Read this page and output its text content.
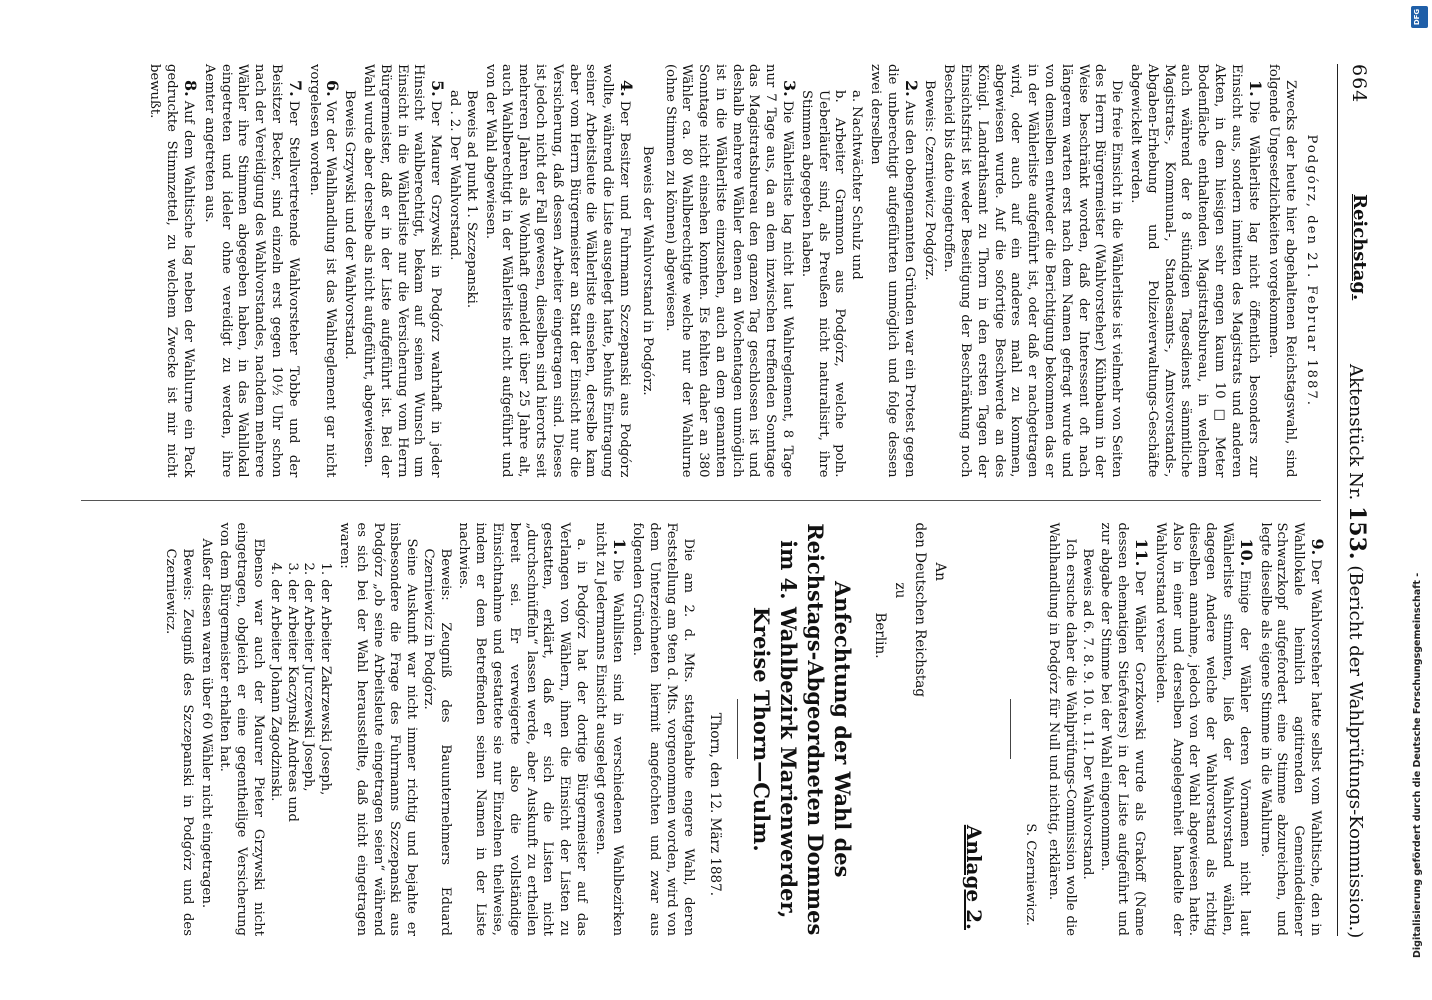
664
Reichstag.
Aktenstück Nr. 153. (Bericht der Wahlprüfungs-Kommission.)

Podgórz, den 21. Februar 1887.

Zwecks der heute hier abgehaltenen Reichstagswahl, sind folgende Ungesetzlichkeiten vorgekommen.

1.Die Wählerliste lag nicht öffentlich besonders zur Einsicht aus, sondern inmitten des Magistrats und anderen Akten, in dem hiesigen sehr engen kaum 10 □ Meter Bodenfläche enthaltenden Magistratsbureau, in welchem auch während der 8 stündigen Tagesdienst sämmtliche Magistrats-, Kommunal-, Standesamts-, Amtsvorstands-, Abgaben-Erhebung und Polizeiverwaltungs-Geschäfte abgewickelt werden.

Die freie Einsicht in die Wählerliste ist vielmehr von Seiten des Herrn Bürgermeister (Wahlvorsteher) Kühnbaum in der Weise beschränkt worden, daß der Interessent oft nach längerem warten erst nach dem Namen gefragt wurde und von demselben entweder die Berichtigung bekommen das er in der Wählerliste aufgeführt ist, oder daß er nachgetragen wird, oder auch auf ein anderes mahl zu kommen, abgewiesen wurde. Auf die sofortige Beschwerde an des Königl. Landrathsamt zu Thorn in den ersten Tagen der Einsichtsfrist ist weder Beseitigung der Beschränkung noch Bescheid bis dato eingetroffen.

Beweis: Czerniewicz Podgórz.

2.Aus den obengenannten Gründen war ein Protest gegen die unberechtigt aufgeführten unmöglich und folge dessen zwei derselben

a. Nachtwächter Schulz und

b. Arbeiter Grammon aus Podgórz, welche poln. Ueberläufer sind, als Preußen nicht naturalisirt, ihre Stimmen abgegeben haben.

3.Die Wählerliste lag nicht laut Wahlreglement, 8 Tage nur 7 Tage aus, da an dem inzwischen treffenden Sonntage das Magistratsbureau den ganzen Tag geschlossen ist und deshalb mehrere Wähler denen an Wochentagen unmöglich ist in die Wählerliste einzusehen, auch an dem genannten Sonntage nicht einsehen konnten. Es fehlten daher an 380 Wähler ca. 80 Wahlberechtigte welche nur der Wahlurne (ohne Stimmen zu können) abgewiesen.

Beweis der Wahlvorstand in Podgórz.

4.Der Besitzer und Fuhrmann Szczepanski aus Podgórz wollte, während die Liste ausgelegt hatte, behufs Eintragung seiner Arbeitsleute die Wählerliste einsehen, derselbe kam aber vom Herrn Bürgermeister an Statt der Einsicht nur die Versicherung, daß dessen Arbeiter eingetragen sind. Dieses ist jedoch nicht der Fall gewesen, dieselben sind hierorts seit mehreren Jahren als Wohnhaft gemeldet über 25 Jahre alt, auch Wahlberechtigt in der Wählerliste nicht aufgeführt und von der Wahl abgewiesen.

Beweis ad punkt 1. Szczepanski.

ad . 2. Der Wahlvorstand.

5.Der Maurer Grzywski in Podgórz wahrhaft in jeder Hinsicht wahlberechtigt, bekam auf seinen Wunsch um Einsicht in die Wählerliste nur die Versicherung vom Herrn Bürgermeister, daß er in der Liste aufgeführt ist. Bei der Wahl wurde aber derselbe als nicht aufgeführt, abgewiesen.

Beweis Grzywski und der Wahlvorstand.

6.Vor der Wahlhandlung ist das Wahlreglement gar nicht vorgelesen worden.

7.Der Stellvertretende Wahlvorsteher Tobbe und der Beisitzer Becker, sind einzeln erst gegen 10½ Uhr schon nach der Vereidigung des Wahlvorstandes, nachdem mehrere Wähler ihre Stimmen abgegeben haben, in das Wahllokal eingetreten und ideler ohne vereidigt zu werden, ihre Aemter angetreten aus.

8.Auf dem Wahltische lag neben der Wahlurne ein Pack gedruckte Stimmzettel, zu welchem Zwecke ist mir nicht bewußt.

9.Der Wahlvorsteher hatte selbst vom Wahltische, den in Wahllokale heimlich agitirenden Gemeindediener Schwarzkopf aufgefordert eine Stimme abzureichen, und legte dieselbe als eigene Stimme in die Wahlurne.

10.Einige der Wähler deren Vornamen nicht laut Wählerliste stimmten, ließ der Wahlvorstand wählen, dagegen Andere welche der Wahlvorstand als richtig dieselben annahme, jedoch von der Wahl abgewiesen hatte. Also in einer und derselben Angelegenheit handelte der Wahlvorstand verschieden.

11.Der Wähler Gorzkowski wurde als Grakoff (Name dessen ehematigen Stiefvaters) in der Liste aufgeführt und zur abgabe der Stimme bei der Wahl eingenommen.

Beweis ad 6. 7. 8. 9. 10. u. 11. Der Wahlvorstand.

Ich ersuche daher die Wahlprüfungs-Commission wolle die Wahlhandlung in Podgórz für Null und nichtig, erklären.

S. Czerniewicz.

Anlage 2.
An
den Deutschen Reichstag
zu
Berlin.
Anfechtung der Wahl des Reichstags-Abgeordneten Dommes im 4. Wahlbezirk Marienwerder, Kreise Thorn—Culm.
Thorn, den 12. März 1887.

Die am 2. d. Mts. stattgehabte engere Wahl, deren Feststellung am 9ten d. Mts. vorgenommen worden, wird von dem Unterzeichneten hiermit angefochten und zwar aus folgenden Gründen.

1.Die Wahllisten sind in verschiedenen Wahlbezirken nicht zu Jedermanns Einsicht ausgelegt gewesen.

a. in Podgórz hat der dortige Bürgermeister auf das Verlangen von Wählern, ihnen die Einsicht der Listen zu gestatten, erklärt, daß er sich die Listen nicht „durchschnüffeln“ lassen werde, aber Auskunft zu ertheilen bereit sei. Er verweigerte also die vollständige Einsichtnahme und gestattete sie nur Einzelnen theilweise, indem er dem Betreffenden seinen Namen in der Liste nachwies.

Beweis: Zeugniß des Bauunternehmers Eduard Czerniewicz in Podgórz.

Seine Auskunft war nicht immer richtig und bejahte er insbesondere die Frage des Fuhrmanns Szczepanski aus Podgórz „ob seine Arbeitsleute eingetragen seien“ während es sich bei der Wahl herausstellte, daß nicht eingetragen waren:

1. der Arbeiter Zakrzewski Joseph,

2. der Arbeiter Jurczewski Joseph,

3. der Arbeiter Kaczynski Andreas und

4. der Arbeiter Johann Zagodzinski.

Ebenso war auch der Maurer Pieter Grzywski nicht eingetragen, obgleich er eine gegentheilige Versicherung von dem Bürgermeister erhalten hat.

Außer diesen waren über 60 Wähler nicht eingetragen.

Beweis: Zeugniß des Szczepanski in Podgórz und des Czerniewicz.

DFG
Digitalisierung gefördert durch die Deutsche Forschungsgemeinschaft -
